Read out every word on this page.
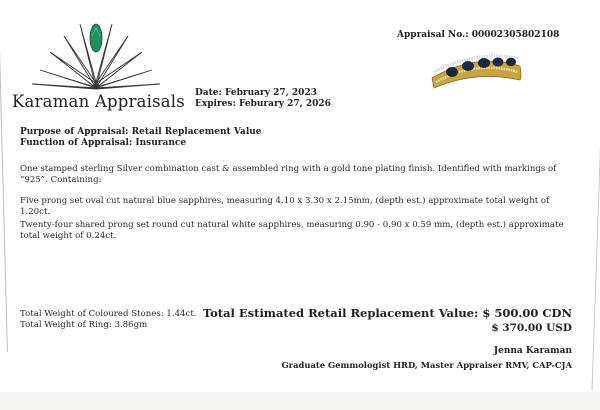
Karaman Appraisals
Appraisal No.: 00002305802108
Date: February 27, 2023
Expires: Feburary 27, 2026
Purpose of Appraisal: Retail Replacement Value
Function of Appraisal: Insurance
One stamped sterling Silver combination cast & assembled ring with a gold tone plating finish. Identified with markings of “925”. Containing:
Five prong set oval cut natural blue sapphires, measuring 4.10 x 3.30 x 2.15mm, (depth est.) approximate total weight of 1.20ct.
Twenty-four shared prong set round cut natural white sapphires, measuring 0.90 - 0.90 x 0.59 mm, (depth est.) approximate total weight of 0.24ct.
Total Weight of Coloured Stones: 1.44ct.
Total Weight of Ring: 3.86gm
Total Estimated Retail Replacement Value: $ 500.00 CDN
$ 370.00 USD
Jenna Karaman
Graduate Gemmologist HRD, Master Appraiser RMV, CAP-CJA
